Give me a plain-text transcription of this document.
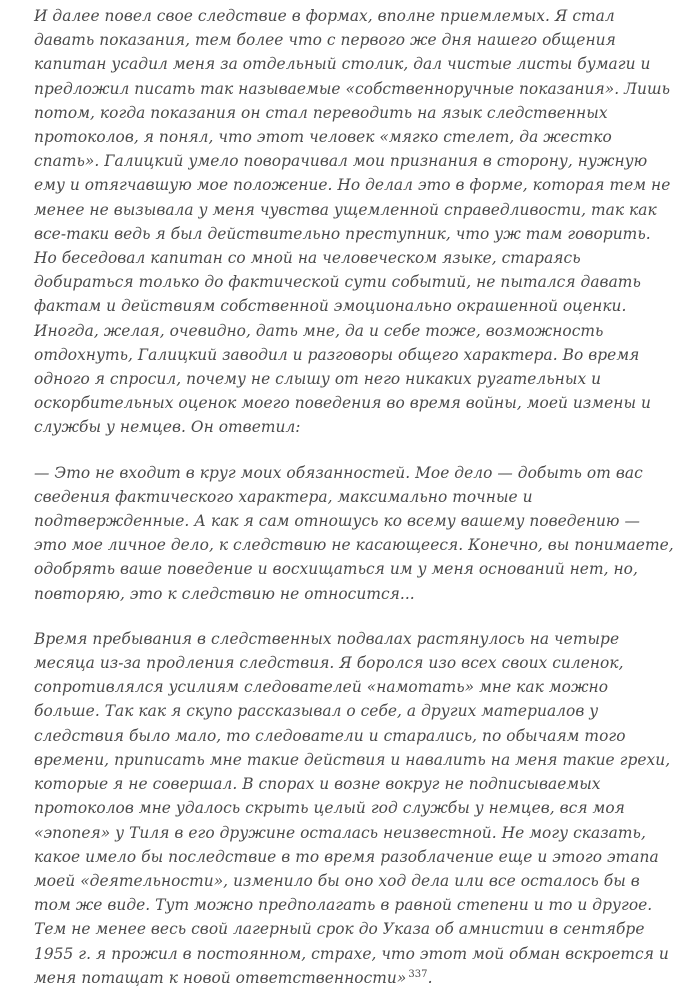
И далее повел свое следствие в формах, вполне приемлемых. Я стал давать показания, тем более что с первого же дня нашего общения капитан усадил меня за отдельный столик, дал чистые листы бумаги и предложил писать так называемые «собственноручные показания». Лишь потом, когда показания он стал переводить на язык следственных протоколов, я понял, что этот человек «мягко стелет, да жестко спать». Галицкий умело поворачивал мои признания в сторону, нужную ему и отягчавшую мое положение. Но делал это в форме, которая тем не менее не вызывала у меня чувства ущемленной справедливости, так как все-таки ведь я был действительно преступник, что уж там говорить. Но беседовал капитан со мной на человеческом языке, стараясь добираться только до фактической сути событий, не пытался давать фактам и действиям собственной эмоционально окрашенной оценки. Иногда, желая, очевидно, дать мне, да и себе тоже, возможность отдохнуть, Галицкий заводил и разговоры общего характера. Во время одного я спросил, почему не слышу от него никаких ругательных и оскорбительных оценок моего поведения во время войны, моей измены и службы у немцев. Он ответил:

— Это не входит в круг моих обязанностей. Мое дело — добыть от вас сведения фактического характера, максимально точные и подтвержденные. А как я сам отношусь ко всему вашему поведению — это мое личное дело, к следствию не касающееся. Конечно, вы понимаете, одобрять ваше поведение и восхищаться им у меня оснований нет, но, повторяю, это к следствию не относится...

Время пребывания в следственных подвалах растянулось на четыре месяца из-за продления следствия. Я боролся изо всех своих силенок, сопротивлялся усилиям следователей «намотать» мне как можно больше. Так как я скупо рассказывал о себе, а других материалов у следствия было мало, то следователи и старались, по обычаям того времени, приписать мне такие действия и навалить на меня такие грехи, которые я не совершал. В спорах и возне вокруг не подписываемых протоколов мне удалось скрыть целый год службы у немцев, вся моя «эпопея» у Тиля в его дружине осталась неизвестной. Не могу сказать, какое имело бы последствие в то время разоблачение еще и этого этапа моей «деятельности», изменило бы оно ход дела или все осталось бы в том же виде. Тут можно предполагать в равной степени и то и другое. Тем не менее весь свой лагерный срок до Указа об амнистии в сентябре 1955 г. я прожил в постоянном, страхе, что этот мой обман вскроется и меня потащат к новой ответственности» $^{337}$.
